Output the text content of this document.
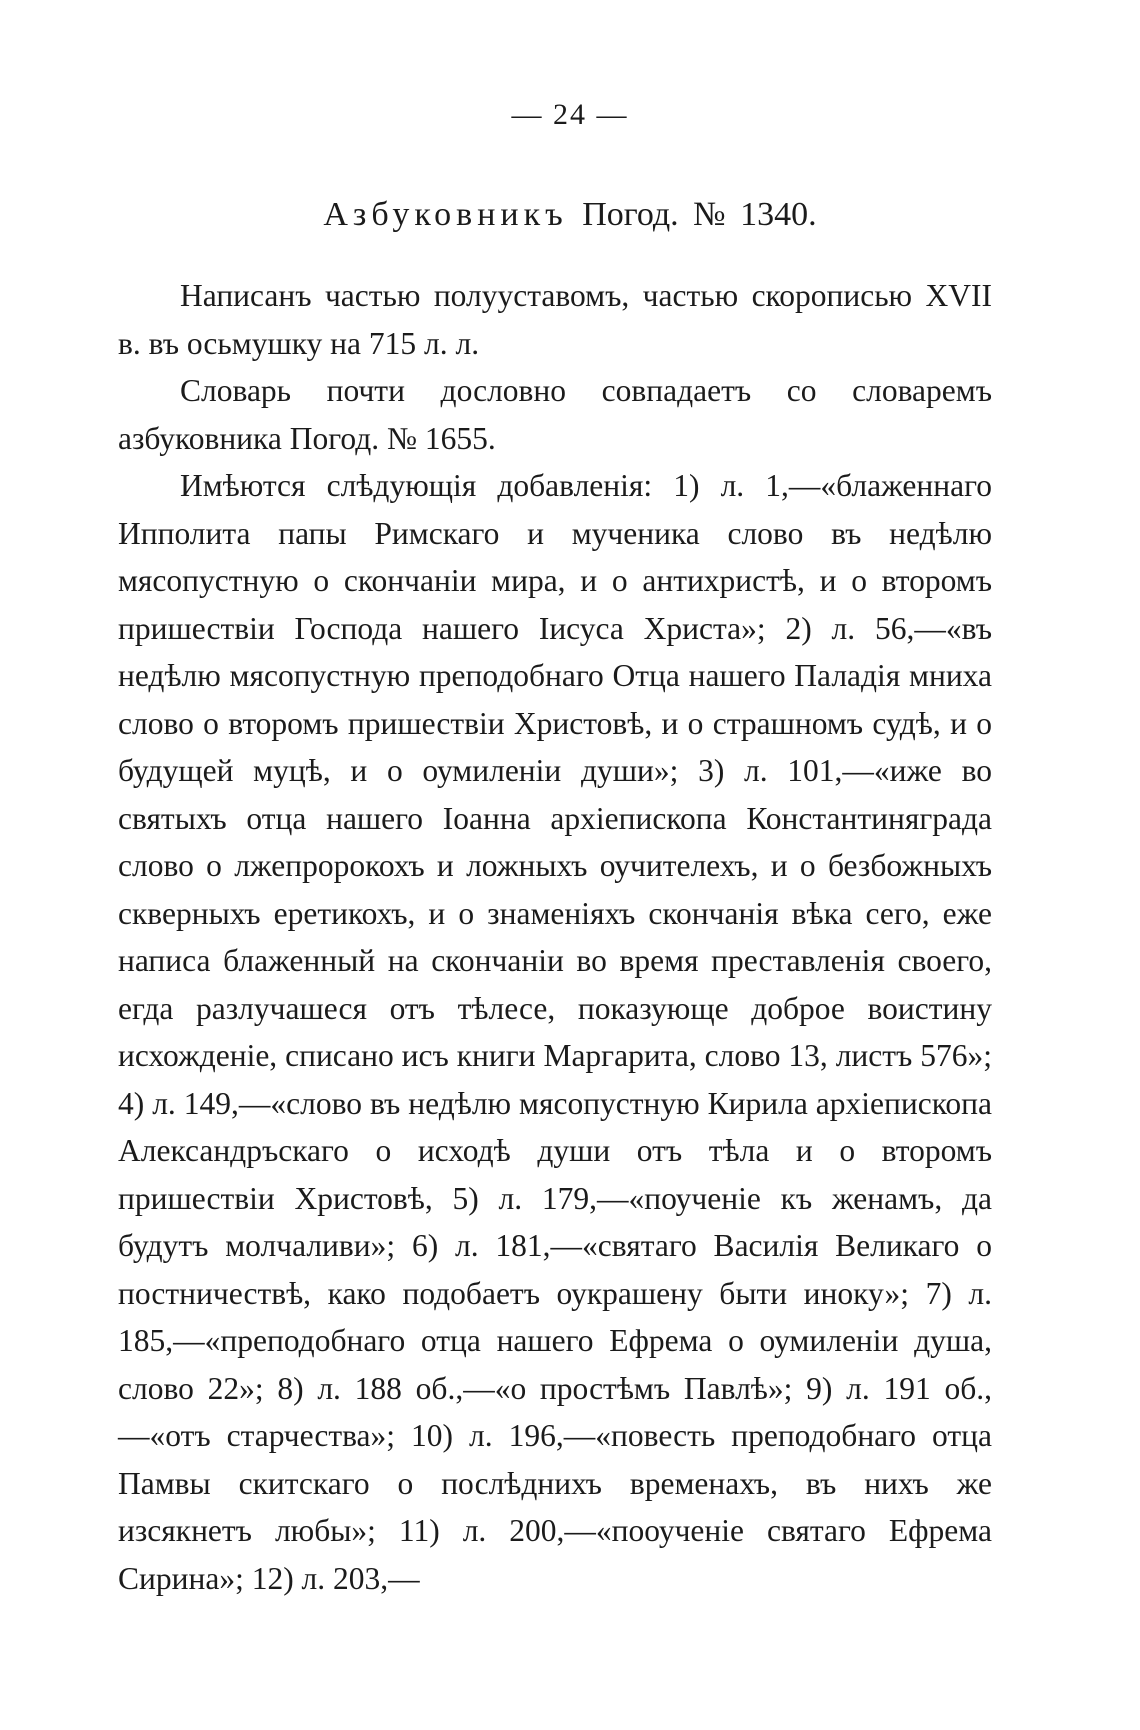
— 24 —
Азбуковникъ Погод. № 1340.

Написанъ частью полууставомъ, частью скорописью XVII в. въ осьмушку на 715 л. л.

Словарь почти дословно совпадаетъ со словаремъ азбуковника Погод. № 1655.

Имѣются слѣдующія добавленія: 1) л. 1,—«блаженнаго Ипполита папы Римскаго и мученика слово въ недѣлю мясопустную о скончаніи мира, и о антихристѣ, и о второмъ пришествіи Господа нашего Іисуса Христа»; 2) л. 56,—«въ недѣлю мясопустную преподобнаго Отца нашего Паладія мниха слово о второмъ пришествіи Христовѣ, и о страшномъ судѣ, и о будущей муцѣ, и о оумиленіи души»; 3) л. 101,—«иже во святыхъ отца нашего Іоанна архіепископа Константиняграда слово о лжепророкохъ и ложныхъ оучителехъ, и о безбожныхъ скверныхъ еретикохъ, и о знаменіяхъ скончанія вѣка сего, еже написа блаженный на скончаніи во время преставленія своего, егда разлучашеся отъ тѣлесе, показующе доброе воистину исхожденіе, списано исъ книги Маргарита, слово 13, листъ 576»; 4) л. 149,—«слово въ недѣлю мясопустную Кирила архіепископа Александръскаго о исходѣ души отъ тѣла и о второмъ пришествіи Христовѣ, 5) л. 179,—«поученіе къ женамъ, да будутъ молчаливи»; 6) л. 181,—«святаго Василія Великаго о постничествѣ, како подобаетъ оукрашену быти иноку»; 7) л. 185,—«преподобнаго отца нашего Ефрема о оумиленіи душа, слово 22»; 8) л. 188 об.,—«о простѣмъ Павлѣ»; 9) л. 191 об.,—«отъ старчества»; 10) л. 196,—«повесть преподобнаго отца Памвы скитскаго о послѣднихъ временахъ, въ нихъ же изсякнетъ любы»; 11) л. 200,—«пооученіе святаго Ефрема Сирина»; 12) л. 203,—
